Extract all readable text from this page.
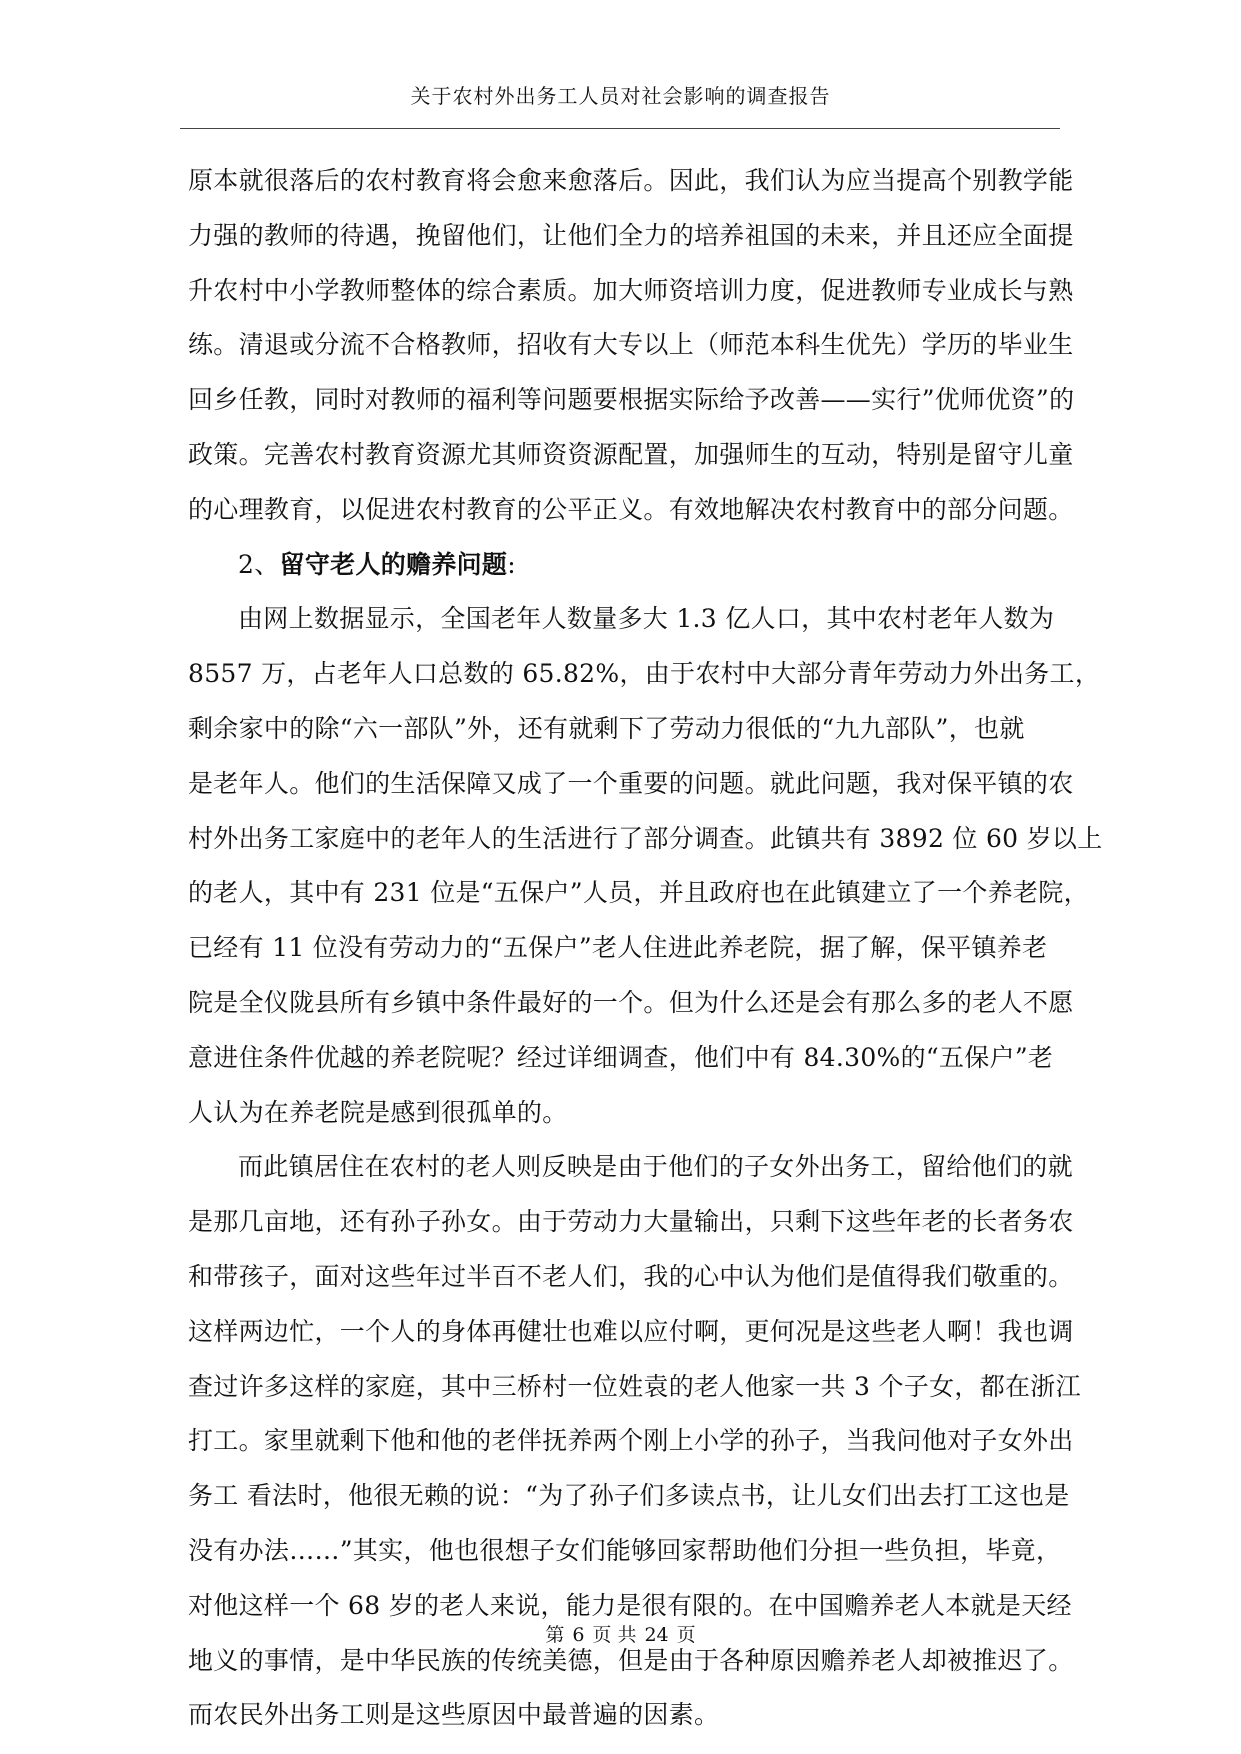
关于农村外出务工人员对社会影响的调查报告
原本就很落后的农村教育将会愈来愈落后。因此，我们认为应当提高个别教学能
力强的教师的待遇，挽留他们，让他们全力的培养祖国的未来，并且还应全面提
升农村中小学教师整体的综合素质。加大师资培训力度，促进教师专业成长与熟
练。清退或分流不合格教师，招收有大专以上（师范本科生优先）学历的毕业生
回乡任教，同时对教师的福利等问题要根据实际给予改善——实行”优师优资”的
政策。完善农村教育资源尤其师资资源配置，加强师生的互动，特别是留守儿童
的心理教育，以促进农村教育的公平正义。有效地解决农村教育中的部分问题。
2、留守老人的赡养问题:
由网上数据显示，全国老年人数量多大 1.3 亿人口，其中农村老年人数为
8557 万，占老年人口总数的 65.82%，由于农村中大部分青年劳动力外出务工，
剩余家中的除“六一部队”外，还有就剩下了劳动力很低的“九九部队”，也就
是老年人。他们的生活保障又成了一个重要的问题。就此问题，我对保平镇的农
村外出务工家庭中的老年人的生活进行了部分调查。此镇共有 3892 位 60 岁以上
的老人，其中有 231 位是“五保户”人员，并且政府也在此镇建立了一个养老院，
已经有 11 位没有劳动力的“五保户”老人住进此养老院，据了解，保平镇养老
院是全仪陇县所有乡镇中条件最好的一个。但为什么还是会有那么多的老人不愿
意进住条件优越的养老院呢？经过详细调查，他们中有 84.30%的“五保户”老
人认为在养老院是感到很孤单的。
而此镇居住在农村的老人则反映是由于他们的子女外出务工，留给他们的就
是那几亩地，还有孙子孙女。由于劳动力大量输出，只剩下这些年老的长者务农
和带孩子，面对这些年过半百不老人们，我的心中认为他们是值得我们敬重的。
这样两边忙，一个人的身体再健壮也难以应付啊，更何况是这些老人啊！我也调
查过许多这样的家庭，其中三桥村一位姓袁的老人他家一共 3 个子女，都在浙江
打工。家里就剩下他和他的老伴抚养两个刚上小学的孙子，当我问他对子女外出
务工 看法时，他很无赖的说：“为了孙子们多读点书，让儿女们出去打工这也是
没有办法……”其实，他也很想子女们能够回家帮助他们分担一些负担，毕竟，
对他这样一个 68 岁的老人来说，能力是很有限的。在中国赡养老人本就是天经
地义的事情，是中华民族的传统美德，但是由于各种原因赡养老人却被推迟了。
而农民外出务工则是这些原因中最普遍的因素。
第 6 页 共 24 页
